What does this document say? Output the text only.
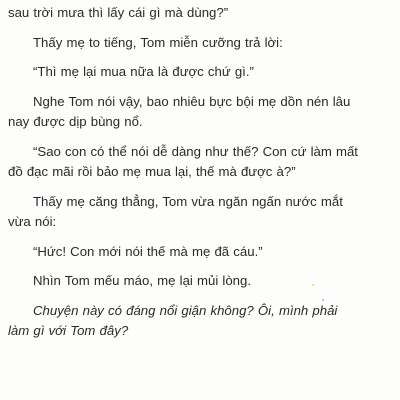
sau trời mưa thì lấy cái gì mà dùng?”

Thấy mẹ to tiếng, Tom miễn cưỡng trả lời:

“Thì mẹ lại mua nữa là được chứ gì.”

Nghe Tom nói vậy, bao nhiêu bực bội mẹ dồn nén lâu nay được dịp bùng nổ.

“Sao con có thể nói dễ dàng như thế? Con cứ làm mất đồ đạc mãi rồi bảo mẹ mua lại, thế mà được à?”

Thấy mẹ căng thẳng, Tom vừa ngăn ngấn nước mắt vừa nói:

“Hức! Con mới nói thế mà mẹ đã cáu.”

Nhìn Tom mếu máo, mẹ lại mủi lòng.

Chuyện này có đáng nổi giận không? Ôi, mình phải làm gì với Tom đây?
